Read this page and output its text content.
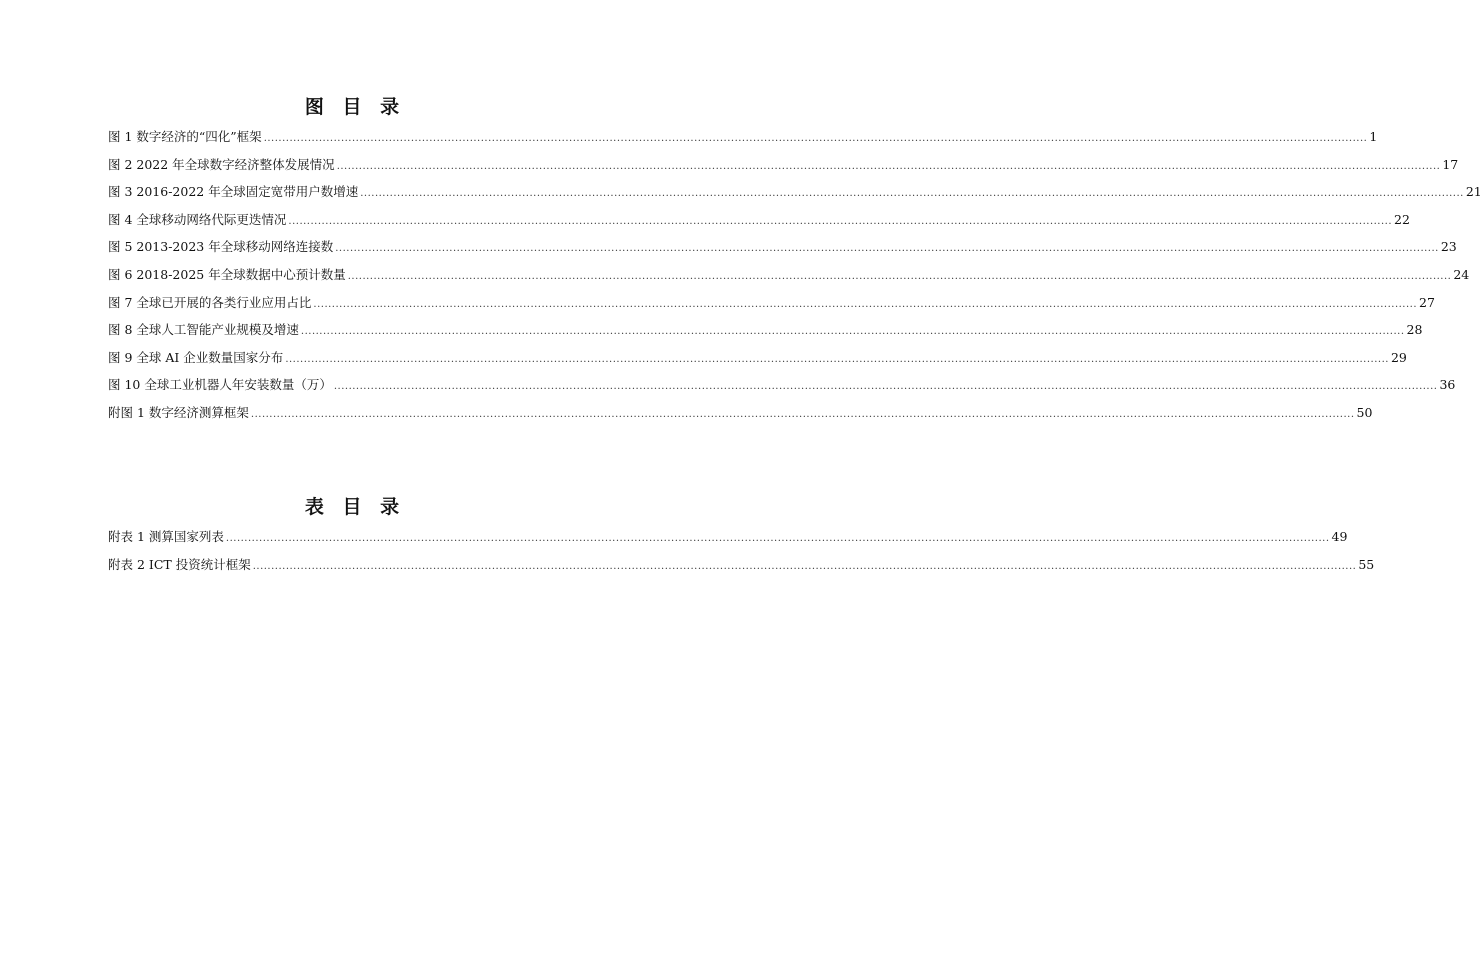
图 目 录
图 1 数字经济的“四化”框架 ............................................................................................................................................................................................................................................................................................................ 1
图 2 2022 年全球数字经济整体发展情况 ............................................................................................................................................................................................................................................................................................................ 17
图 3 2016-2022 年全球固定宽带用户数增速 ............................................................................................................................................................................................................................................................................................................ 21
图 4 全球移动网络代际更迭情况 ............................................................................................................................................................................................................................................................................................................ 22
图 5 2013-2023 年全球移动网络连接数 ............................................................................................................................................................................................................................................................................................................ 23
图 6 2018-2025 年全球数据中心预计数量 ............................................................................................................................................................................................................................................................................................................ 24
图 7 全球已开展的各类行业应用占比 ............................................................................................................................................................................................................................................................................................................ 27
图 8 全球人工智能产业规模及增速 ............................................................................................................................................................................................................................................................................................................ 28
图 9 全球 AI 企业数量国家分布 ............................................................................................................................................................................................................................................................................................................ 29
图 10 全球工业机器人年安装数量（万） ............................................................................................................................................................................................................................................................................................................ 36
附图 1 数字经济测算框架 ............................................................................................................................................................................................................................................................................................................ 50
表 目 录
附表 1 测算国家列表 ............................................................................................................................................................................................................................................................................................................ 49
附表 2 ICT 投资统计框架 ............................................................................................................................................................................................................................................................................................................ 55
